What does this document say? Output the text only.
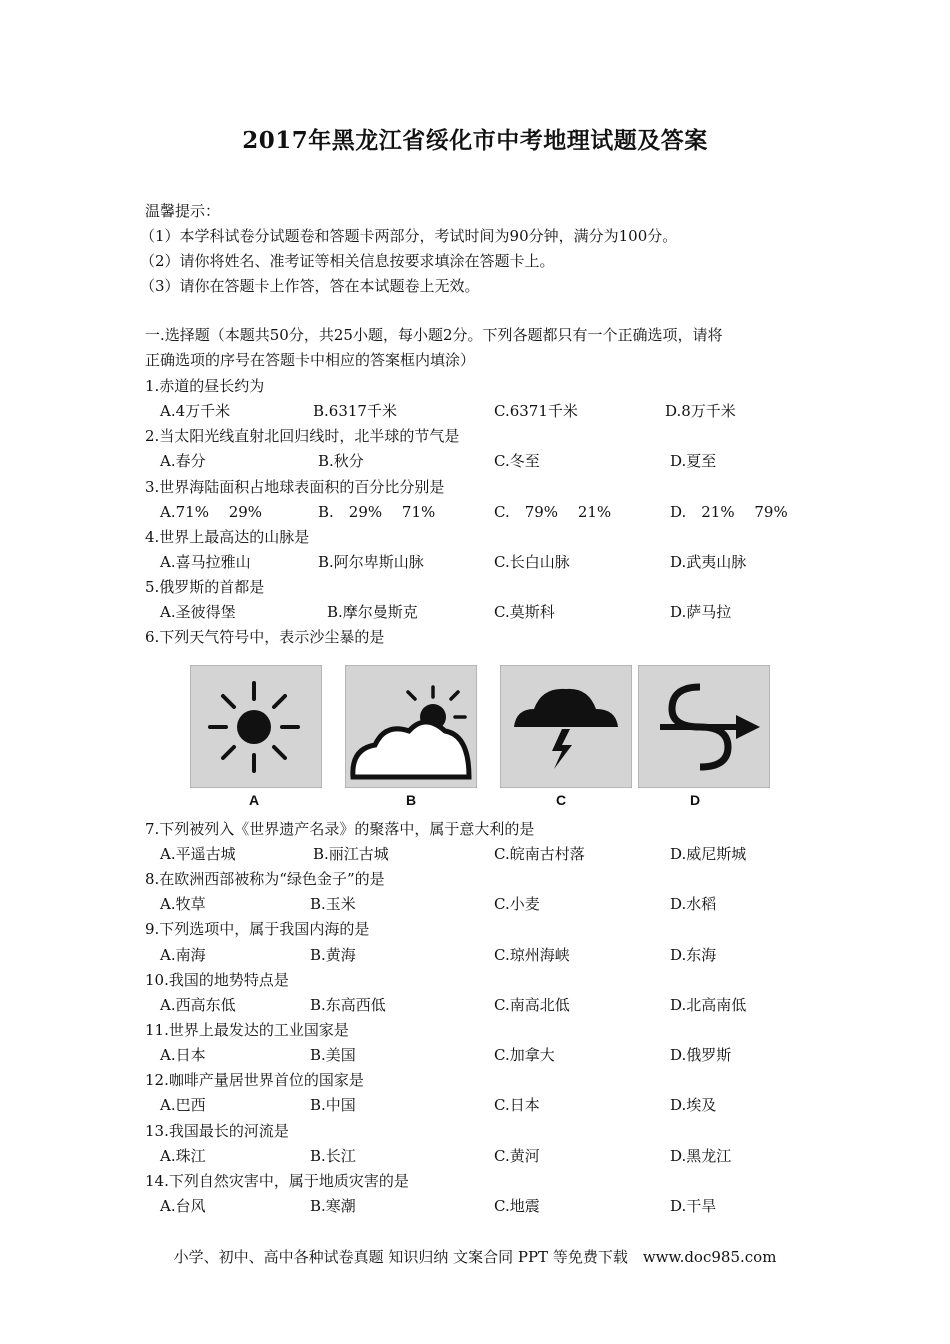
2017年黑龙江省绥化市中考地理试题及答案
温馨提示：
（1）本学科试卷分试题卷和答题卡两部分，考试时间为90分钟，满分为100分。
（2）请你将姓名、准考证等相关信息按要求填涂在答题卡上。
（3）请你在答题卡上作答，答在本试题卷上无效。
一.选择题（本题共50分，共25小题，每小题2分。下列各题都只有一个正确选项，请将
正确选项的序号在答题卡中相应的答案框内填涂）
1.赤道的昼长约为
A.4万千米	B.6317千米	C.6371千米	D.8万千米
2.当太阳光线直射北回归线时，北半球的节气是
A.春分	B.秋分	C.冬至	D.夏至
3.世界海陆面积占地球表面积的百分比分别是
A.71%　 29%	B.　29%　 71%	C.　79%　 21%	D.　21%　 79%
4.世界上最高达的山脉是
A.喜马拉雅山	B.阿尔卑斯山脉	C.长白山脉	D.武夷山脉
5.俄罗斯的首都是
A.圣彼得堡	B.摩尔曼斯克	C.莫斯科	D.萨马拉
6.下列天气符号中，表示沙尘暴的是
A	B	C	D
7.下列被列入《世界遗产名录》的聚落中，属于意大利的是
A.平遥古城	B.丽江古城	C.皖南古村落	D.威尼斯城
8.在欧洲西部被称为“绿色金子”的是
A.牧草	B.玉米	C.小麦	D.水稻
9.下列选项中，属于我国内海的是
A.南海	B.黄海	C.琼州海峡	D.东海
10.我国的地势特点是
A.西高东低	B.东高西低	C.南高北低	D.北高南低
11.世界上最发达的工业国家是
A.日本	B.美国	C.加拿大	D.俄罗斯
12.咖啡产量居世界首位的国家是
A.巴西	B.中国	C.日本	D.埃及
13.我国最长的河流是
A.珠江	B.长江	C.黄河	D.黑龙江
14.下列自然灾害中，属于地质灾害的是
A.台风	B.寒潮	C.地震	D.干旱
小学、初中、高中各种试卷真题 知识归纳 文案合同 PPT 等免费下载　www.doc985.com
